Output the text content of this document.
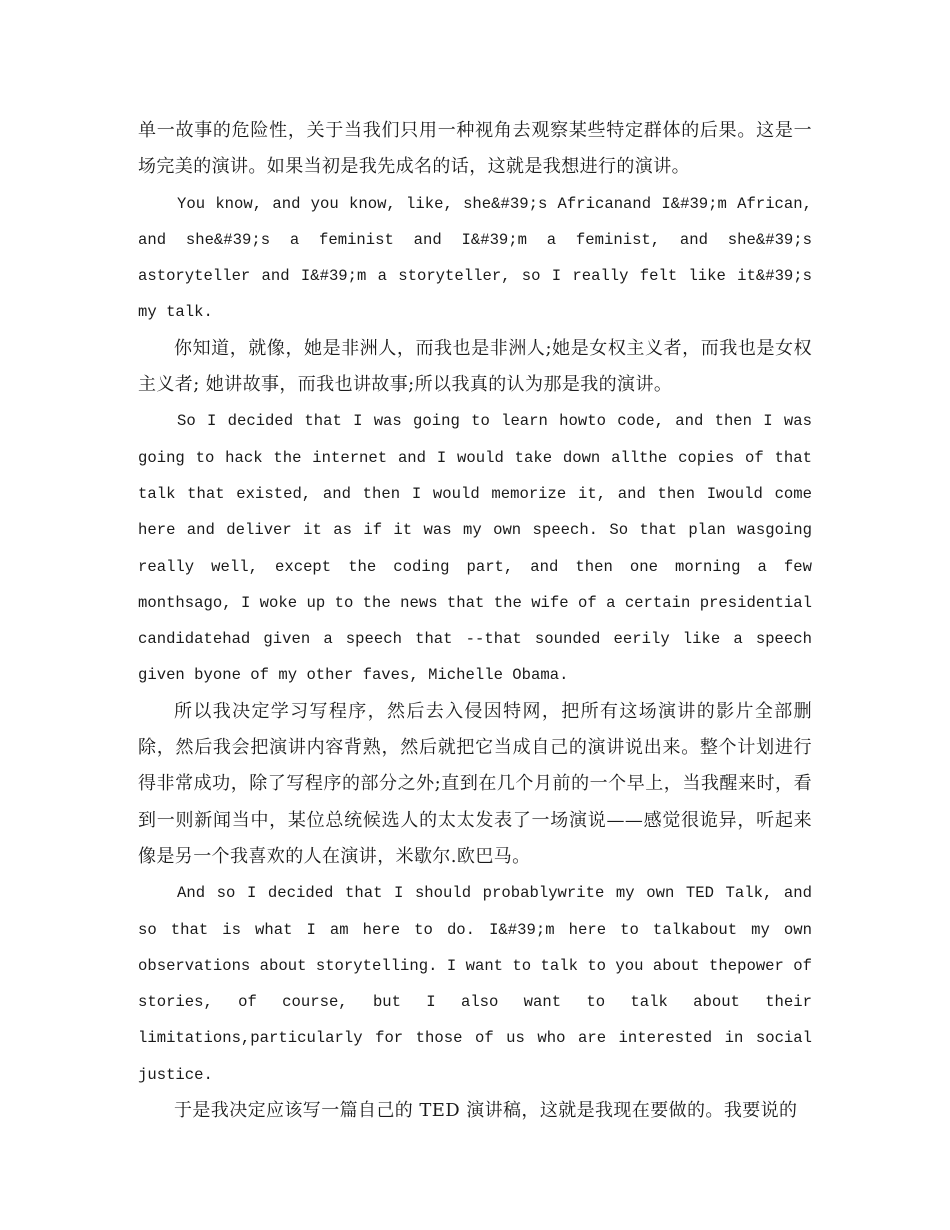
单一故事的危险性，关于当我们只用一种视角去观察某些特定群体的后果。这是一场完美的演讲。如果当初是我先成名的话，这就是我想进行的演讲。

You know, and you know, like, she&#39;s Africanand I&#39;m African, and she&#39;s a feminist and I&#39;m a feminist, and she&#39;s astoryteller and I&#39;m a storyteller, so I really felt like it&#39;s my talk.

你知道，就像，她是非洲人，而我也是非洲人;她是女权主义者，而我也是女权主义者; 她讲故事，而我也讲故事;所以我真的认为那是我的演讲。

So I decided that I was going to learn howto code, and then I was going to hack the internet and I would take down allthe copies of that talk that existed, and then I would memorize it, and then Iwould come here and deliver it as if it was my own speech. So that plan wasgoing really well, except the coding part, and then one morning a few monthsago, I woke up to the news that the wife of a certain presidential candidatehad given a speech that --that sounded eerily like a speech given byone of my other faves, Michelle Obama.

所以我决定学习写程序，然后去入侵因特网，把所有这场演讲的影片全部删除，然后我会把演讲内容背熟，然后就把它当成自己的演讲说出来。整个计划进行得非常成功，除了写程序的部分之外;直到在几个月前的一个早上，当我醒来时，看到一则新闻当中，某位总统候选人的太太发表了一场演说——感觉很诡异，听起来像是另一个我喜欢的人在演讲，米歇尔.欧巴马。

And so I decided that I should probablywrite my own TED Talk, and so that is what I am here to do. I&#39;m here to talkabout my own observations about storytelling. I want to talk to you about thepower of stories, of course, but I also want to talk about their limitations,particularly for those of us who are interested in social justice.

于是我决定应该写一篇自己的 TED 演讲稿，这就是我现在要做的。我要说的
